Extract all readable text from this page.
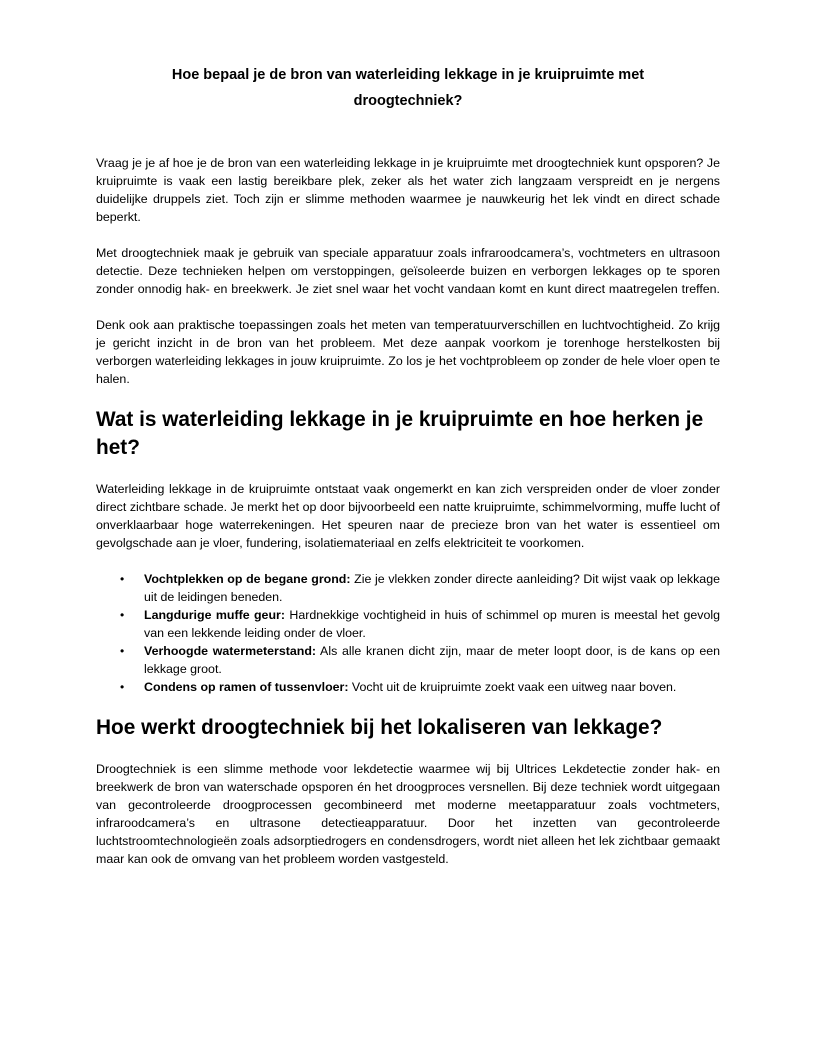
Hoe bepaal je de bron van waterleiding lekkage in je kruipruimte met droogtechniek?

Vraag je je af hoe je de bron van een waterleiding lekkage in je kruipruimte met droogtechniek kunt opsporen? Je kruipruimte is vaak een lastig bereikbare plek, zeker als het water zich langzaam verspreidt en je nergens duidelijke druppels ziet. Toch zijn er slimme methoden waarmee je nauwkeurig het lek vindt en direct schade beperkt.

Met droogtechniek maak je gebruik van speciale apparatuur zoals infraroodcamera’s, vochtmeters en ultrasoon detectie. Deze technieken helpen om verstoppingen, geïsoleerde buizen en verborgen lekkages op te sporen zonder onnodig hak- en breekwerk. Je ziet snel waar het vocht vandaan komt en kunt direct maatregelen treffen.

Denk ook aan praktische toepassingen zoals het meten van temperatuurverschillen en luchtvochtigheid. Zo krijg je gericht inzicht in de bron van het probleem. Met deze aanpak voorkom je torenhoge herstelkosten bij verborgen waterleiding lekkages in jouw kruipruimte. Zo los je het vochtprobleem op zonder de hele vloer open te halen.

Wat is waterleiding lekkage in je kruipruimte en hoe herken je het?

Waterleiding lekkage in de kruipruimte ontstaat vaak ongemerkt en kan zich verspreiden onder de vloer zonder direct zichtbare schade. Je merkt het op door bijvoorbeeld een natte kruipruimte, schimmelvorming, muffe lucht of onverklaarbaar hoge waterrekeningen. Het speuren naar de precieze bron van het water is essentieel om gevolgschade aan je vloer, fundering, isolatiemateriaal en zelfs elektriciteit te voorkomen.

• Vochtplekken op de begane grond: Zie je vlekken zonder directe aanleiding? Dit wijst vaak op lekkage uit de leidingen beneden.
• Langdurige muffe geur: Hardnekkige vochtigheid in huis of schimmel op muren is meestal het gevolg van een lekkende leiding onder de vloer.
• Verhoogde watermeterstand: Als alle kranen dicht zijn, maar de meter loopt door, is de kans op een lekkage groot.
• Condens op ramen of tussenvloer: Vocht uit de kruipruimte zoekt vaak een uitweg naar boven.
Hoe werkt droogtechniek bij het lokaliseren van lekkage?

Droogtechniek is een slimme methode voor lekdetectie waarmee wij bij Ultrices Lekdetectie zonder hak- en breekwerk de bron van waterschade opsporen én het droogproces versnellen. Bij deze techniek wordt uitgegaan van gecontroleerde droogprocessen gecombineerd met moderne meetapparatuur zoals vochtmeters, infraroodcamera’s en ultrasone detectieapparatuur. Door het inzetten van gecontroleerde luchtstroomtechnologieën zoals adsorptiedrogers en condensdrogers, wordt niet alleen het lek zichtbaar gemaakt maar kan ook de omvang van het probleem worden vastgesteld.
